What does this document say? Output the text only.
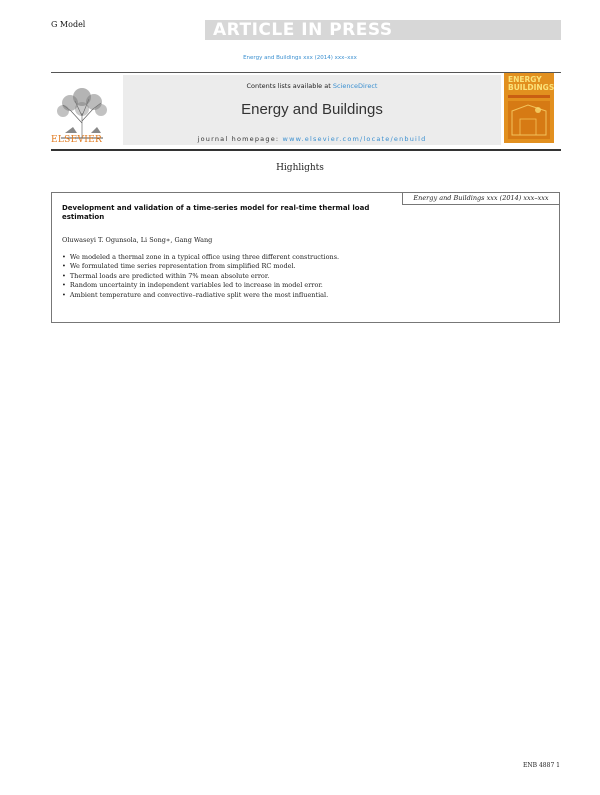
G Model	ARTICLE IN PRESS
Energy and Buildings xxx (2014) xxx–xxx
ELSEVIER
Contents lists available at ScienceDirect
Energy and Buildings
journal homepage: www.elsevier.com/locate/enbuild
ENERGY
BUILDINGS
Highlights
Energy and Buildings xxx (2014) xxx–xxx
Development and validation of a time-series model for real-time thermal load estimation
Oluwaseyi T. Ogunsola, Li Song∗, Gang Wang
• We modeled a thermal zone in a typical office using three different constructions.
• We formulated time series representation from simplified RC model.
• Thermal loads are predicted within 7% mean absolute error.
• Random uncertainty in independent variables led to increase in model error.
• Ambient temperature and convective–radiative split were the most influential.
ENB 4887 1
